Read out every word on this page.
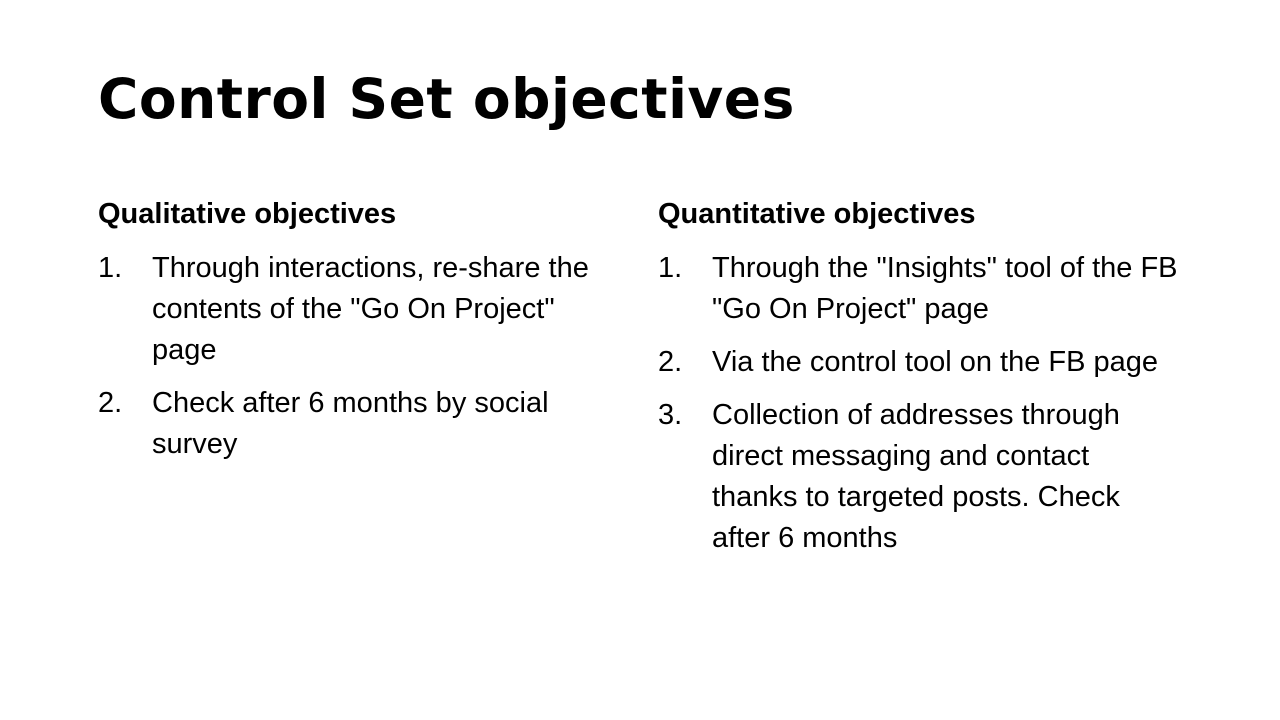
Control Set objectives
Qualitative objectives
1.	Through interactions, re-share the contents of the "Go On Project" page
2.	Check after 6 months by social survey
Quantitative objectives
1.	Through the "Insights" tool of the FB "Go On Project" page
2.	Via the control tool on the FB page
3.	Collection of addresses through direct messaging and contact thanks to targeted posts. Check after 6 months
